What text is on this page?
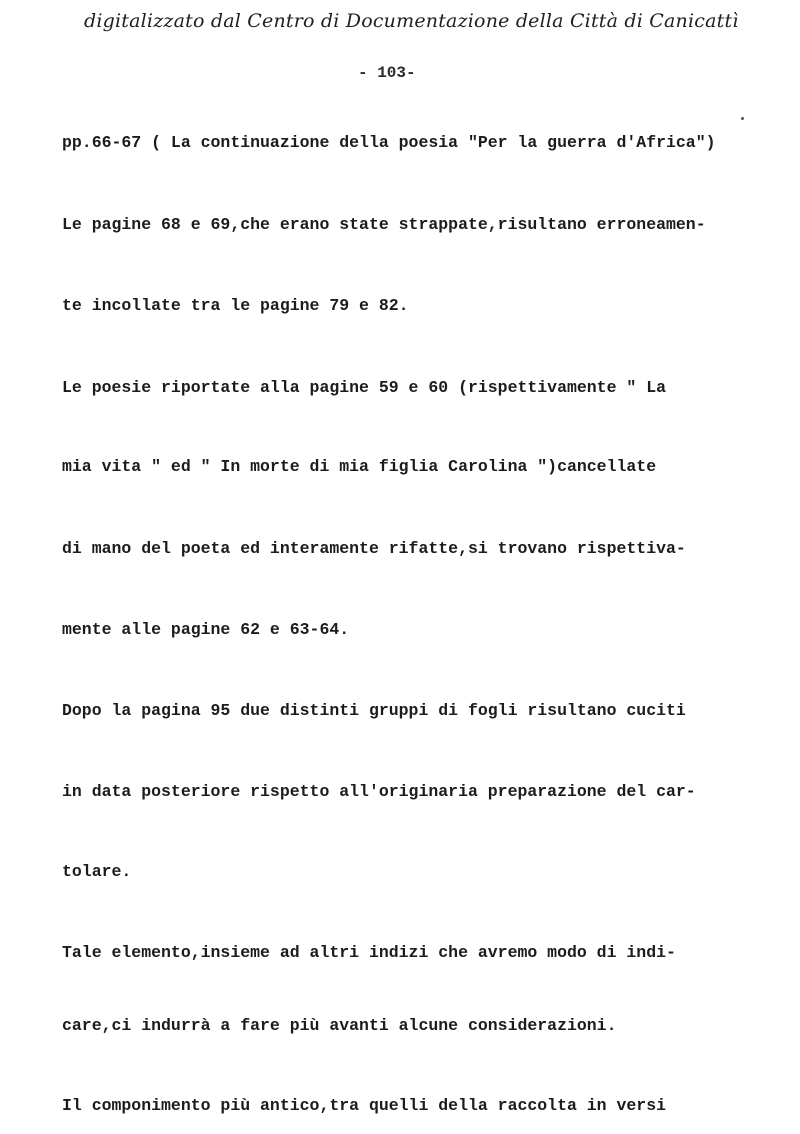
digitalizzato dal Centro di Documentazione della Città di Canicattì
- 103-
pp.66-67 ( La continuazione della poesia "Per la guerra d'Africa")
Le pagine 68 e 69,che erano state strappate,risultano erroneamen-
te incollate tra le pagine 79 e 82.
Le poesie riportate alla pagine 59 e 60 (rispettivamente " La
mia vita " ed " In morte di mia figlia Carolina ")cancellate
di mano del poeta ed interamente rifatte,si trovano rispettiva-
mente alle pagine 62 e 63-64.
Dopo la pagina 95 due distinti gruppi di fogli risultano cuciti
in data posteriore rispetto all'originaria preparazione del car-
tolare.
Tale elemento,insieme ad altri indizi che avremo modo di indi-
care,ci indurrà a fare più avanti alcune considerazioni.
Il componimento più antico,tra quelli della raccolta in versi
